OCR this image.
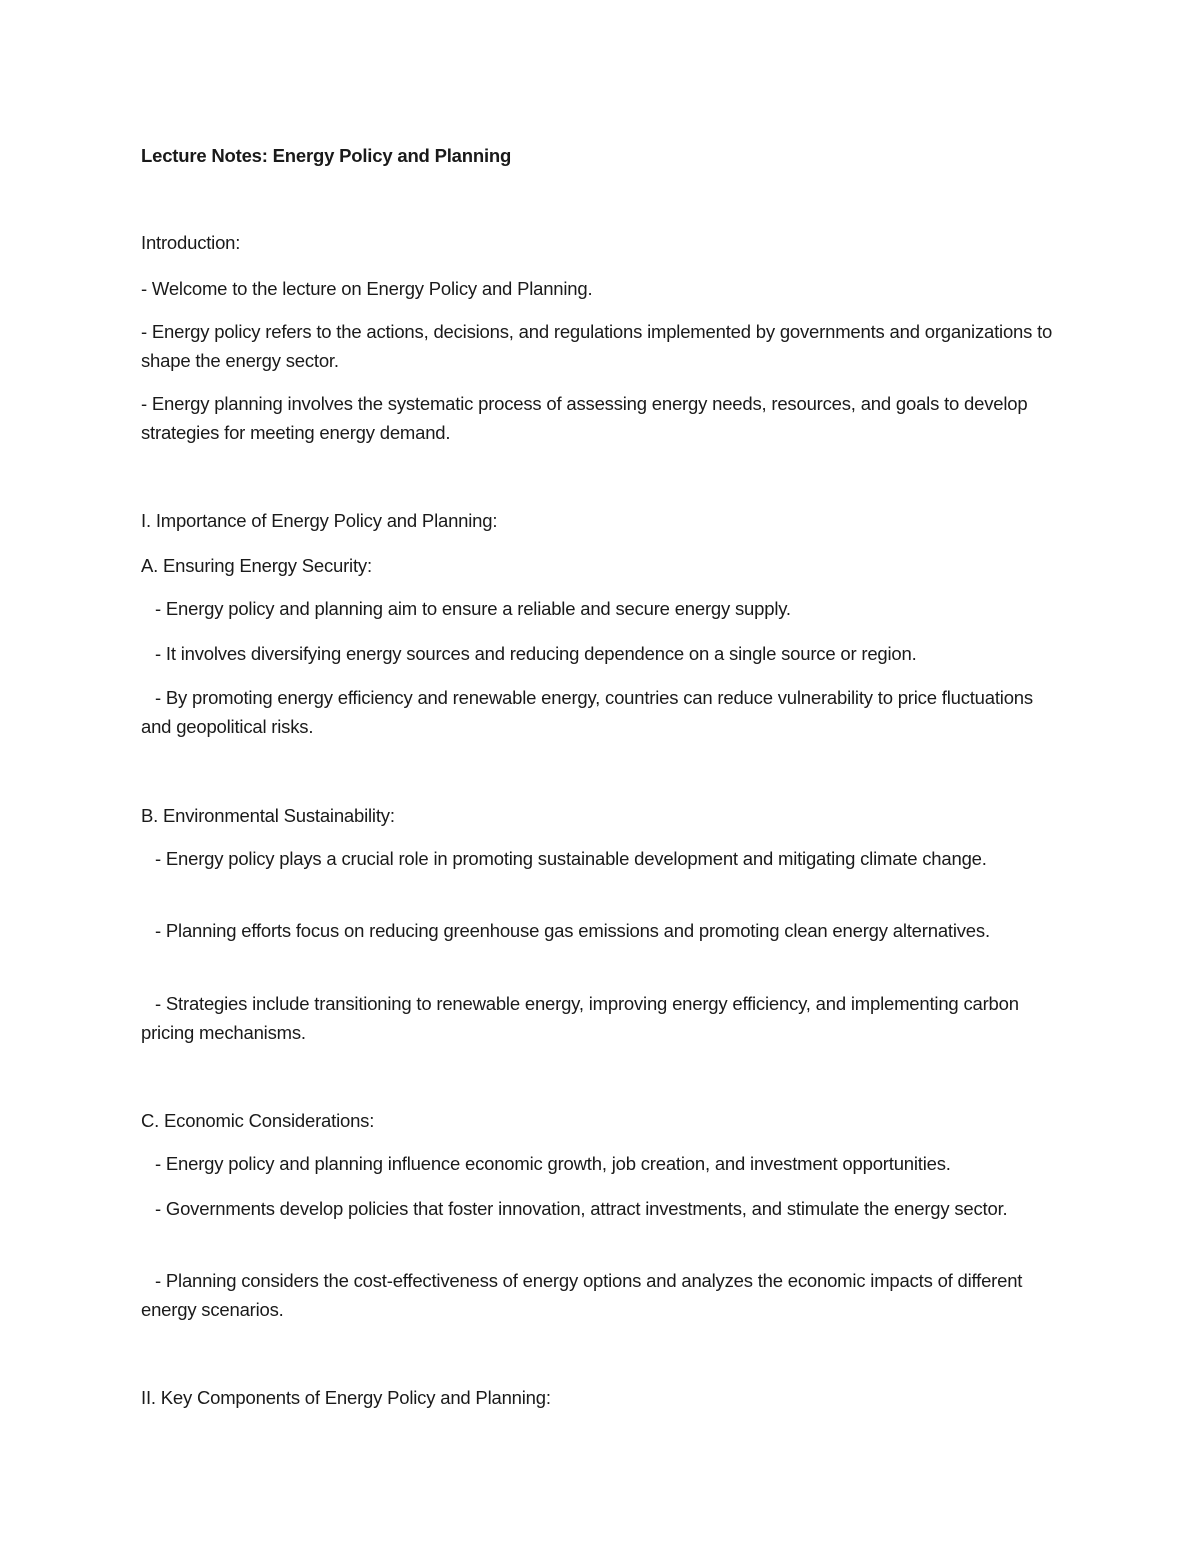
Lecture Notes: Energy Policy and Planning
Introduction:
- Welcome to the lecture on Energy Policy and Planning.
- Energy policy refers to the actions, decisions, and regulations implemented by governments and organizations to shape the energy sector.
- Energy planning involves the systematic process of assessing energy needs, resources, and goals to develop strategies for meeting energy demand.
I. Importance of Energy Policy and Planning:
A. Ensuring Energy Security:
- Energy policy and planning aim to ensure a reliable and secure energy supply.
- It involves diversifying energy sources and reducing dependence on a single source or region.
- By promoting energy efficiency and renewable energy, countries can reduce vulnerability to price fluctuations and geopolitical risks.
B. Environmental Sustainability:
- Energy policy plays a crucial role in promoting sustainable development and mitigating climate change.
- Planning efforts focus on reducing greenhouse gas emissions and promoting clean energy alternatives.
- Strategies include transitioning to renewable energy, improving energy efficiency, and implementing carbon pricing mechanisms.
C. Economic Considerations:
- Energy policy and planning influence economic growth, job creation, and investment opportunities.
- Governments develop policies that foster innovation, attract investments, and stimulate the energy sector.
- Planning considers the cost-effectiveness of energy options and analyzes the economic impacts of different energy scenarios.
II. Key Components of Energy Policy and Planning:
